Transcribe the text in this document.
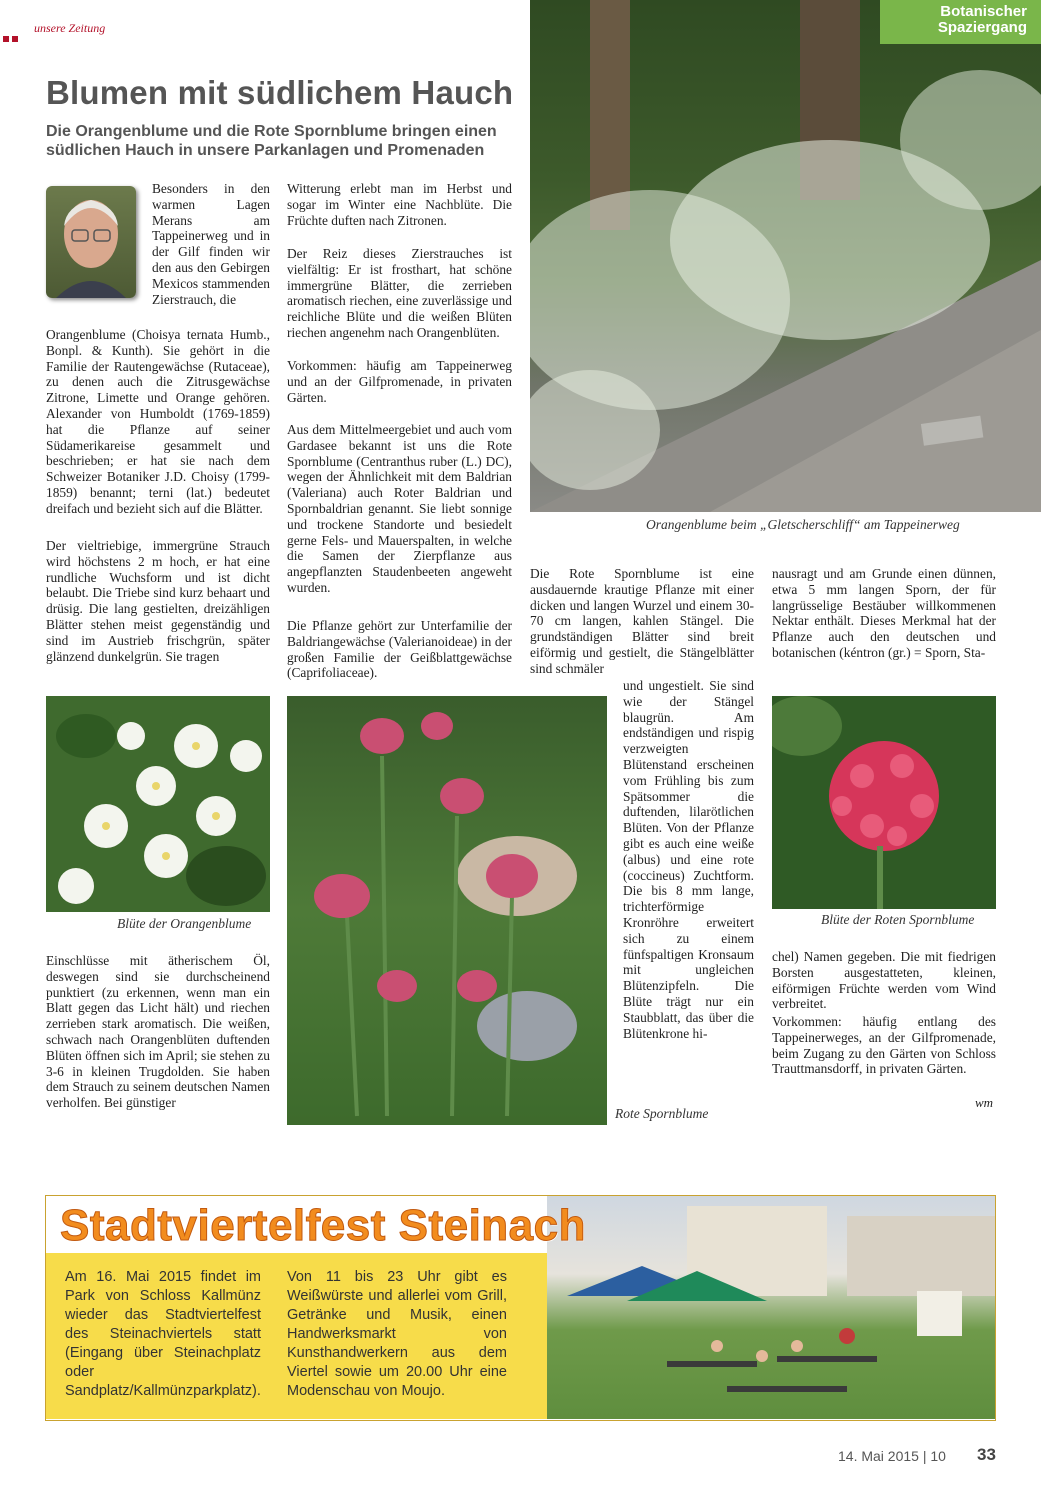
unsere Zeitung
Blumen mit südlichem Hauch
Die Orangenblume und die Rote Spornblume bringen einen südlichen Hauch in unsere Parkanlagen und Promenaden
Botanischer
Spaziergang
Orangenblume beim „Gletscherschliff“ am Tappeinerweg
Besonders in den warmen Lagen Merans am Tappeinerweg und in der Gilf finden wir den aus den Gebirgen Mexicos stammenden Zierstrauch, die
Orangenblume (Choisya ternata Humb., Bonpl. & Kunth). Sie gehört in die Familie der Rautengewächse (Rutaceae), zu denen auch die Zitrusgewächse Zitrone, Limette und Orange gehören. Alexander von Humboldt (1769-1859) hat die Pflanze auf seiner Südamerikareise gesammelt und beschrieben; er hat sie nach dem Schweizer Botaniker J.D. Choisy (1799-1859) benannt; terni (lat.) bedeutet dreifach und bezieht sich auf die Blätter.
Der vieltriebige, immergrüne Strauch wird höchstens 2 m hoch, er hat eine rundliche Wuchsform und ist dicht belaubt. Die Triebe sind kurz behaart und drüsig. Die lang gestielten, dreizähligen Blätter stehen meist gegenständig und sind im Austrieb frischgrün, später glänzend dunkelgrün. Sie tragen
Witterung erlebt man im Herbst und sogar im Winter eine Nachblüte. Die Früchte duften nach Zitronen.
Der Reiz dieses Zierstrauches ist vielfältig: Er ist frosthart, hat schöne immergrüne Blätter, die zerrieben aromatisch riechen, eine zuverlässige und reichliche Blüte und die weißen Blüten riechen angenehm nach Orangenblüten.
Vorkommen: häufig am Tappeinerweg und an der Gilfpromenade, in privaten Gärten.
Aus dem Mittelmeergebiet und auch vom Gardasee bekannt ist uns die Rote Spornblume (Centranthus ruber (L.) DC), wegen der Ähnlichkeit mit dem Baldrian (Valeriana) auch Roter Baldrian und Spornbaldrian genannt. Sie liebt sonnige und trockene Standorte und besiedelt gerne Fels- und Mauerspalten, in welche die Samen der Zierpflanze aus angepflanzten Staudenbeeten angeweht wurden.
Die Pflanze gehört zur Unterfamilie der Baldriangewächse (Valerianoideae) in der großen Familie der Geißblattgewächse (Caprifoliaceae).
Die Rote Spornblume ist eine ausdauernde krautige Pflanze mit einer dicken und langen Wurzel und einem 30-70 cm langen, kahlen Stängel. Die grundständigen Blätter sind breit eiförmig und gestielt, die Stängelblätter sind schmäler
nausragt und am Grunde einen dünnen, etwa 5 mm langen Sporn, der für langrüsselige Bestäuber willkommenen Nektar enthält. Dieses Merkmal hat der Pflanze auch den deutschen und botanischen (kéntron (gr.) = Sporn, Sta-
Blüte der Orangenblume
Rote Spornblume
und ungestielt. Sie sind wie der Stängel blaugrün. Am endständigen und rispig verzweigten Blütenstand erscheinen vom Frühling bis zum Spätsommer die duftenden, lilarötlichen Blüten. Von der Pflanze gibt es auch eine weiße (albus) und eine rote (coccineus) Zuchtform. Die bis 8 mm lange, trichterförmige Kronröhre erweitert sich zu einem fünfspaltigen Kronsaum mit ungleichen Blütenzipfeln. Die Blüte trägt nur ein Staubblatt, das über die Blütenkrone hi-
Blüte der Roten Spornblume
chel) Namen gegeben. Die mit fiedrigen Borsten ausgestatteten, kleinen, eiförmigen Früchte werden vom Wind verbreitet.
Vorkommen: häufig entlang des Tappeinerweges, an der Gilfpromenade, beim Zugang zu den Gärten von Schloss Trauttmansdorff, in privaten Gärten.
wm
Einschlüsse mit ätherischem Öl, deswegen sind sie durchscheinend punktiert (zu erkennen, wenn man ein Blatt gegen das Licht hält) und riechen zerrieben stark aromatisch. Die weißen, schwach nach Orangenblüten duftenden Blüten öffnen sich im April; sie stehen zu 3-6 in kleinen Trugdolden. Sie haben dem Strauch zu seinem deutschen Namen verholfen. Bei günstiger
Stadtviertelfest Steinach
Am 16. Mai 2015 findet im Park von Schloss Kallmünz wieder das Stadtviertelfest des Steinachviertels statt (Eingang über Steinachplatz oder Sandplatz/Kallmünzparkplatz).
Von 11 bis 23 Uhr gibt es Weißwürste und allerlei vom Grill, Getränke und Musik, einen Handwerksmarkt von Kunsthandwerkern aus dem Viertel sowie um 20.00 Uhr eine Modenschau von Moujo.
14. Mai 2015 | 10 33
